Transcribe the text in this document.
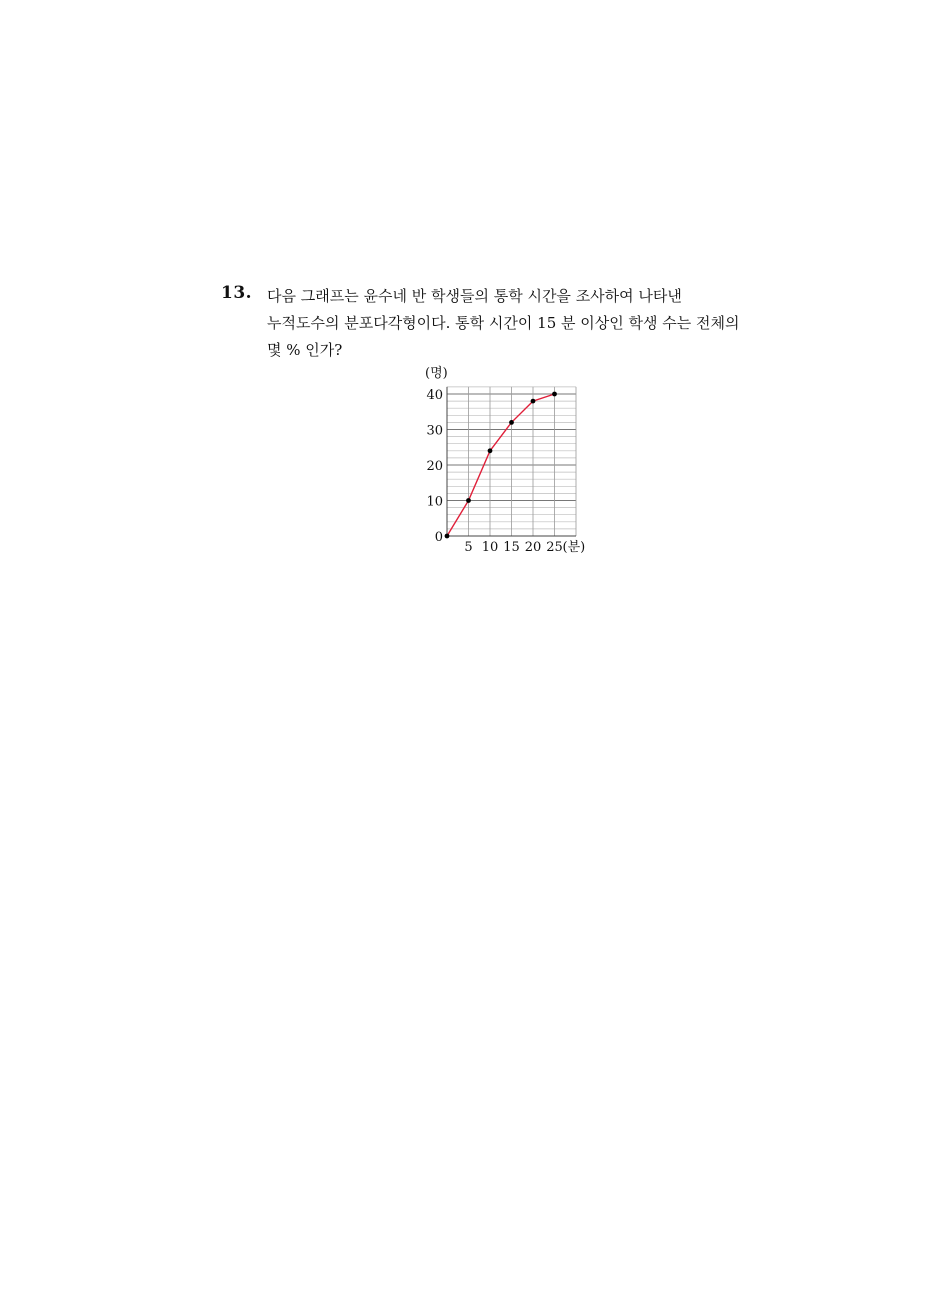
13. 다음 그래프는 윤수네 반 학생들의 통학 시간을 조사하여 나타낸
누적도수의 분포다각형이다. 통학 시간이 15 분 이상인 학생 수는 전체의
몇 % 인가?
0
10
20
30
40
5 10 15 20 25
(명)
(분)
